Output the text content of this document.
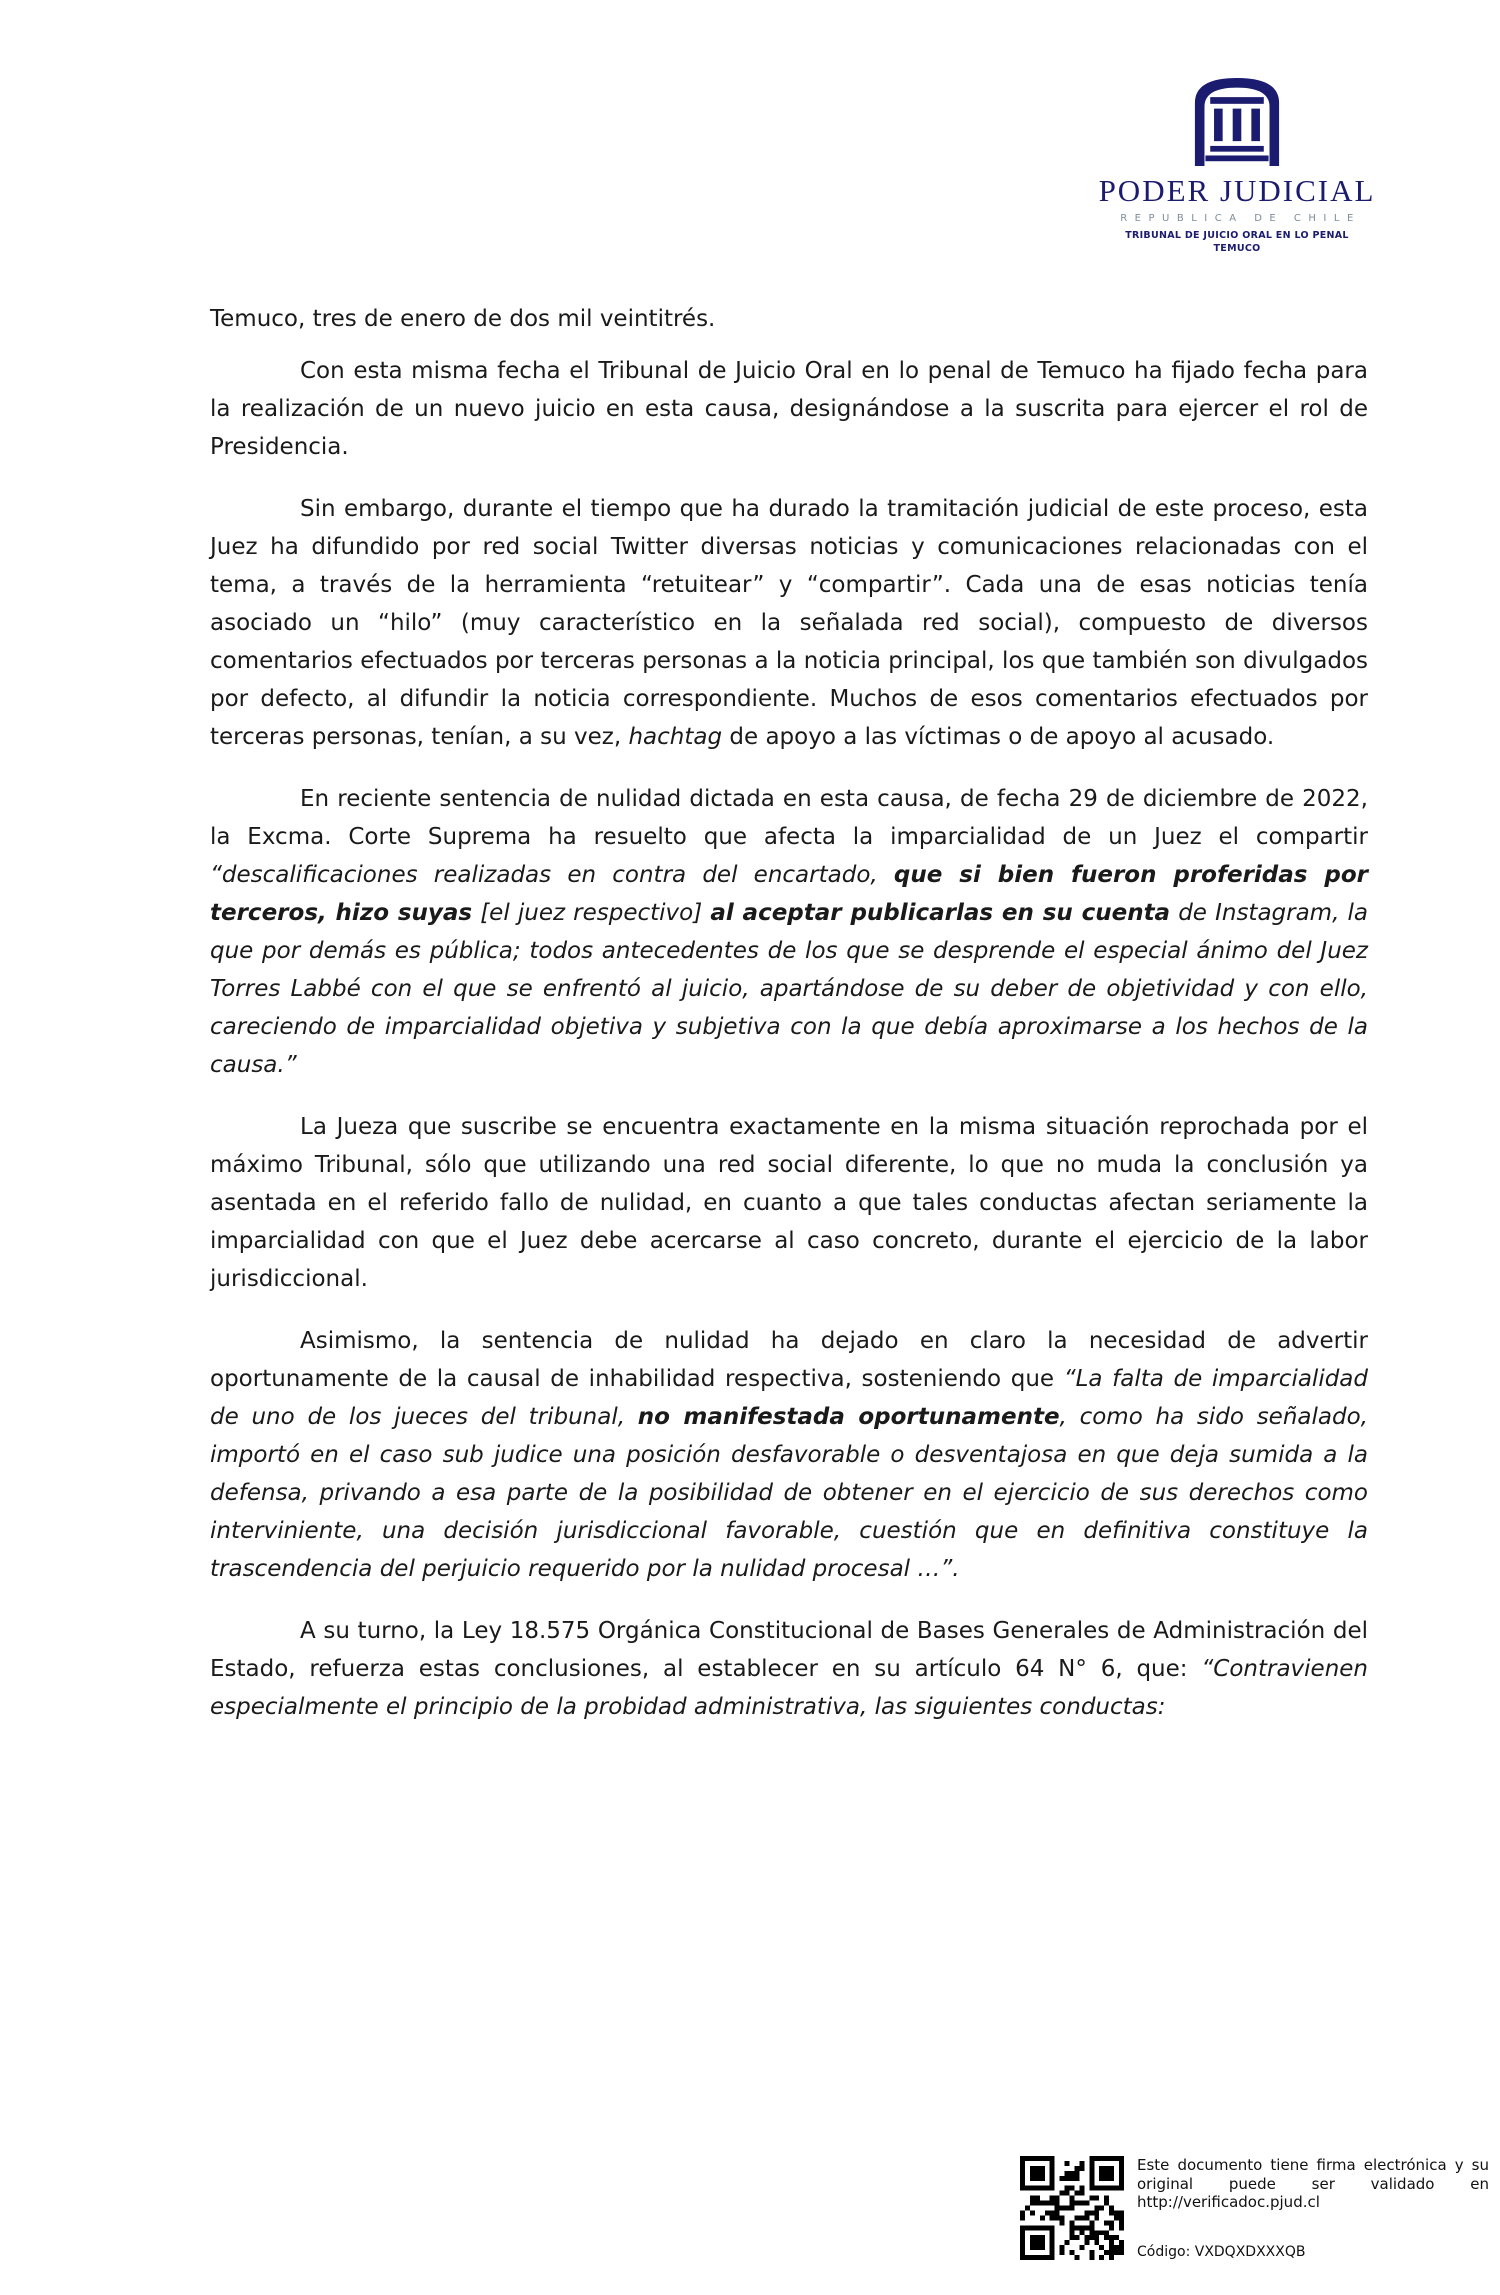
PODER JUDICIAL
REPUBLICA DE CHILE
TRIBUNAL DE JUICIO ORAL EN LO PENAL
TEMUCO

Temuco, tres de enero de dos mil veintitrés.

Con esta misma fecha el Tribunal de Juicio Oral en lo penal de Temuco ha fijado fecha para la realización de un nuevo juicio en esta causa, designándose a la suscrita para ejercer el rol de Presidencia.

Sin embargo, durante el tiempo que ha durado la tramitación judicial de este proceso, esta Juez ha difundido por red social Twitter diversas noticias y comunicaciones relacionadas con el tema, a través de la herramienta “retuitear” y “compartir”. Cada una de esas noticias tenía asociado un “hilo” (muy característico en la señalada red social), compuesto de diversos comentarios efectuados por terceras personas a la noticia principal, los que también son divulgados por defecto, al difundir la noticia correspondiente. Muchos de esos comentarios efectuados por terceras personas, tenían, a su vez, hachtag de apoyo a las víctimas o de apoyo al acusado.

En reciente sentencia de nulidad dictada en esta causa, de fecha 29 de diciembre de 2022, la Excma. Corte Suprema ha resuelto que afecta la imparcialidad de un Juez el compartir “descalificaciones realizadas en contra del encartado, que si bien fueron proferidas por terceros, hizo suyas [el juez respectivo] al aceptar publicarlas en su cuenta de Instagram, la que por demás es pública; todos antecedentes de los que se desprende el especial ánimo del Juez Torres Labbé con el que se enfrentó al juicio, apartándose de su deber de objetividad y con ello, careciendo de imparcialidad objetiva y subjetiva con la que debía aproximarse a los hechos de la causa.”

La Jueza que suscribe se encuentra exactamente en la misma situación reprochada por el máximo Tribunal, sólo que utilizando una red social diferente, lo que no muda la conclusión ya asentada en el referido fallo de nulidad, en cuanto a que tales conductas afectan seriamente la imparcialidad con que el Juez debe acercarse al caso concreto, durante el ejercicio de la labor jurisdiccional.

Asimismo, la sentencia de nulidad ha dejado en claro la necesidad de advertir oportunamente de la causal de inhabilidad respectiva, sosteniendo que “La falta de imparcialidad de uno de los jueces del tribunal, no manifestada oportunamente, como ha sido señalado, importó en el caso sub judice una posición desfavorable o desventajosa en que deja sumida a la defensa, privando a esa parte de la posibilidad de obtener en el ejercicio de sus derechos como interviniente, una decisión jurisdiccional favorable, cuestión que en definitiva constituye la trascendencia del perjuicio requerido por la nulidad procesal …”.

A su turno, la Ley 18.575 Orgánica Constitucional de Bases Generales de Administración del Estado, refuerza estas conclusiones, al establecer en su artículo 64 N° 6, que: “Contravienen especialmente el principio de la probidad administrativa, las siguientes conductas:

Este documento tiene firma electrónica y su original puede ser validado en http://verificadoc.pjud.cl

Código: VXDQXDXXXQB
